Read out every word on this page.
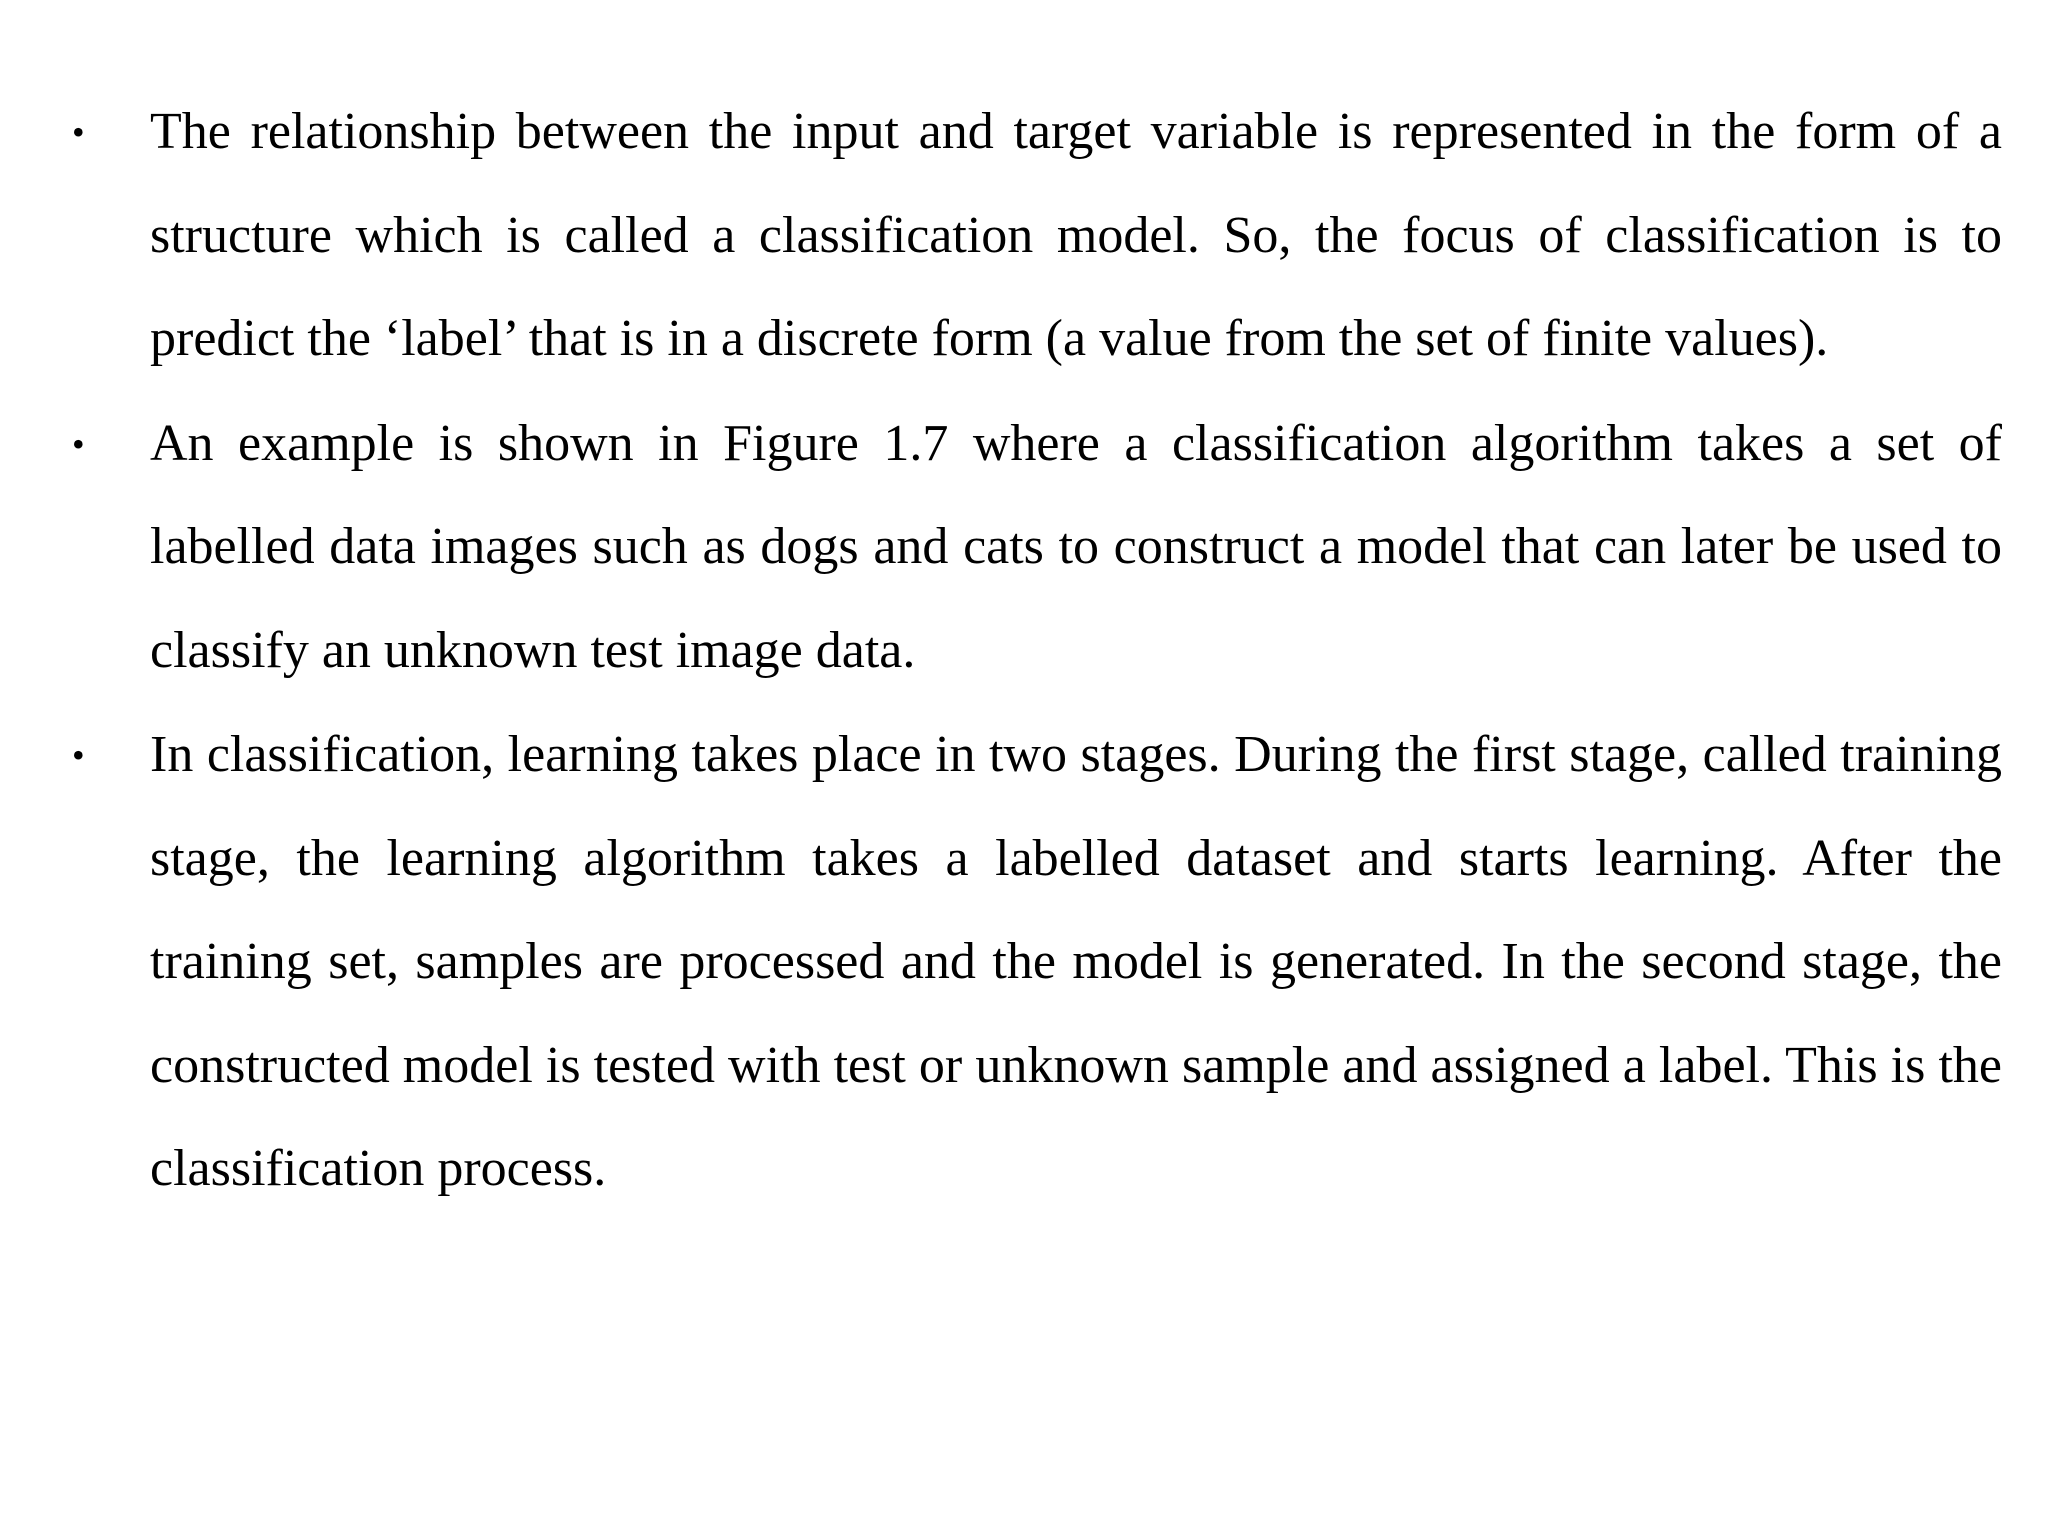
• The relationship between the input and target variable is represented in the form of a structure which is called a classification model. So, the focus of classification is to predict the ‘label’ that is in a discrete form (a value from the set of finite values).
• An example is shown in Figure 1.7 where a classification algorithm takes a set of labelled data images such as dogs and cats to construct a model that can later be used to classify an unknown test image data.
• In classification, learning takes place in two stages. During the first stage, called training stage, the learning algorithm takes a labelled dataset and starts learning. After the training set, samples are processed and the model is generated. In the second stage, the constructed model is tested with test or unknown sample and assigned a label. This is the classification process.
